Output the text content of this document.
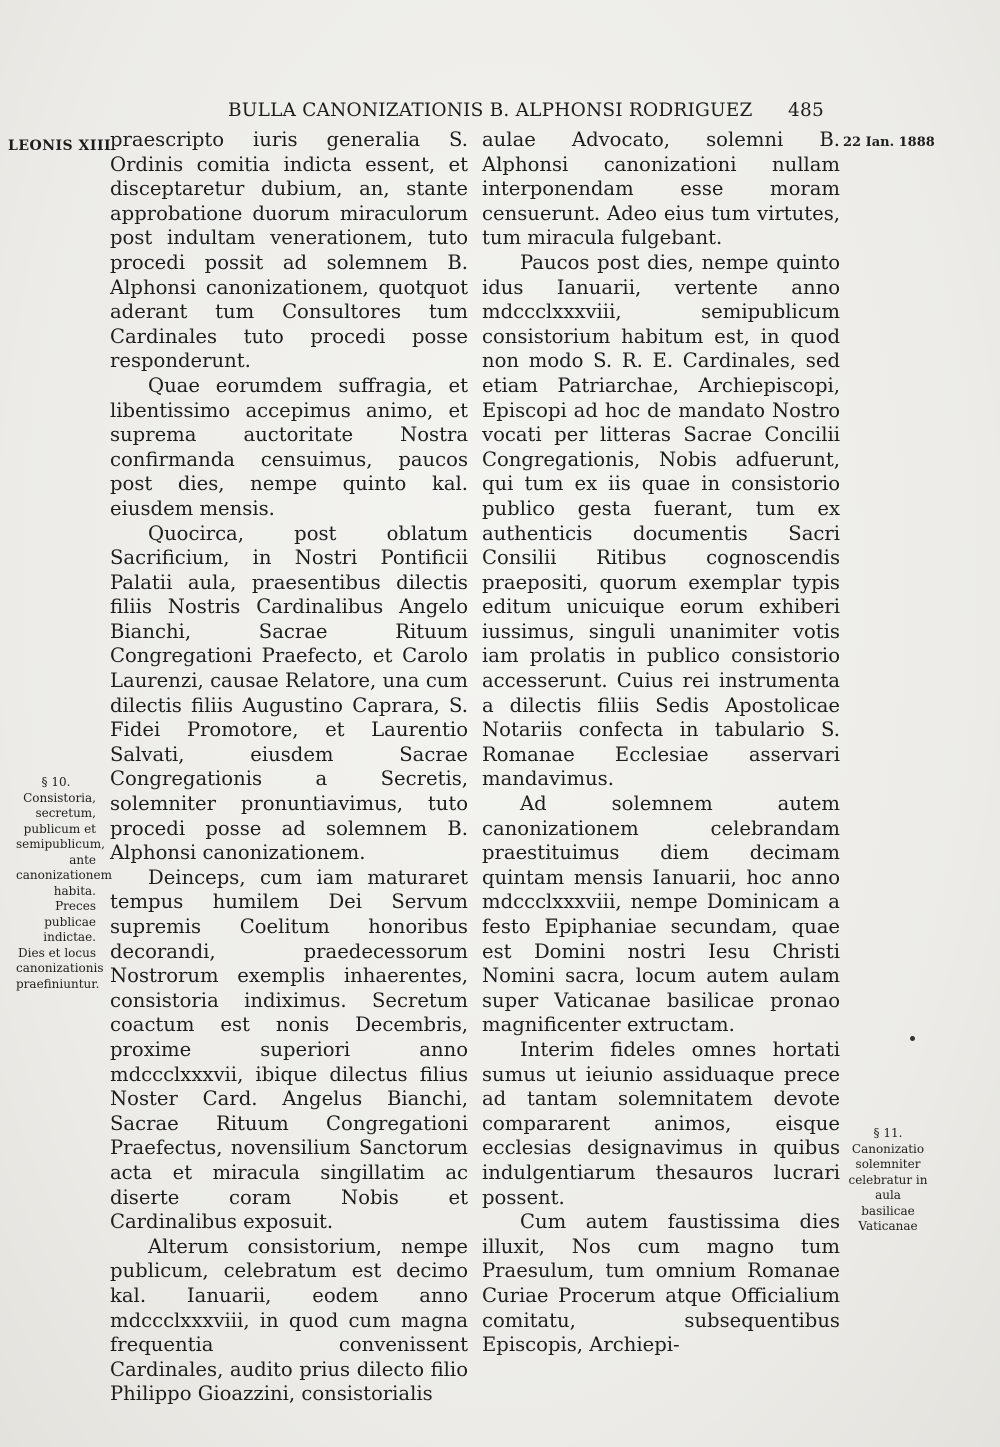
BULLA CANONIZATIONIS B. ALPHONSI RODRIGUEZ 485
LEONIS XIII	22 Ian. 1888

praescripto iuris generalia S. Ordinis comitia indicta essent, et disceptaretur dubium, an, stante approbatione duorum miraculorum post indultam venerationem, tuto procedi possit ad solemnem B. Alphonsi canonizationem, quotquot aderant tum Consultores tum Cardinales tuto procedi posse responderunt.

Quae eorumdem suffragia, et libentissimo accepimus animo, et suprema auctoritate Nostra confirmanda censuimus, paucos post dies, nempe quinto kal. eiusdem mensis.

Quocirca, post oblatum Sacrificium, in Nostri Pontificii Palatii aula, praesentibus dilectis filiis Nostris Cardinalibus Angelo Bianchi, Sacrae Rituum Congregationi Praefecto, et Carolo Laurenzi, causae Relatore, una cum dilectis filiis Augustino Caprara, S. Fidei Promotore, et Laurentio Salvati, eiusdem Sacrae Congregationis a Secretis, solemniter pronuntiavimus, tuto procedi posse ad solemnem B. Alphonsi canonizationem.

Deinceps, cum iam maturaret tempus humilem Dei Servum supremis Coelitum honoribus decorandi, praedecessorum Nostrorum exemplis inhaerentes, consistoria indiximus. Secretum coactum est nonis Decembris, proxime superiori anno mdccclxxxvii, ibique dilectus filius Noster Card. Angelus Bianchi, Sacrae Rituum Congregationi Praefectus, novensilium Sanctorum acta et miracula singillatim ac diserte coram Nobis et Cardinalibus exposuit.

Alterum consistorium, nempe publicum, celebratum est decimo kal. Ianuarii, eodem anno mdccclxxxviii, in quod cum magna frequentia convenissent Cardinales, audito prius dilecto filio Philippo Gioazzini, consistorialis

aulae Advocato, solemni B. Alphonsi canonizationi nullam interponendam esse moram censuerunt. Adeo eius tum virtutes, tum miracula fulgebant.

Paucos post dies, nempe quinto idus Ianuarii, vertente anno mdccclxxxviii, semipublicum consistorium habitum est, in quod non modo S. R. E. Cardinales, sed etiam Patriarchae, Archiepiscopi, Episcopi ad hoc de mandato Nostro vocati per litteras Sacrae Concilii Congregationis, Nobis adfuerunt, qui tum ex iis quae in consistorio publico gesta fuerant, tum ex authenticis documentis Sacri Consilii Ritibus cognoscendis praepositi, quorum exemplar typis editum unicuique eorum exhiberi iussimus, singuli unanimiter votis iam prolatis in publico consistorio accesserunt. Cuius rei instrumenta a dilectis filiis Sedis Apostolicae Notariis confecta in tabulario S. Romanae Ecclesiae asservari mandavimus.

Ad solemnem autem canonizationem celebrandam praestituimus diem decimam quintam mensis Ianuarii, hoc anno mdccclxxxviii, nempe Dominicam a festo Epiphaniae secundam, quae est Domini nostri Iesu Christi Nomini sacra, locum autem aulam super Vaticanae basilicae pronao magnificenter extructam.

Interim fideles omnes hortati sumus ut ieiunio assiduaque prece ad tantam solemnitatem devote compararent animos, eisque ecclesias designavimus in quibus indulgentiarum thesauros lucrari possent.

Cum autem faustissima dies illuxit, Nos cum magno tum Praesulum, tum omnium Romanae Curiae Procerum atque Officialium comitatu, subsequentibus Episcopis, Archiepi-

§ 10.
Consistoria, secretum, publicum et semipublicum, ante canonizationem habita. Preces publicae indictae. Dies et locus canonizationis praefiniuntur.
§ 11.
Canonizatio solemniter celebratur in aula basilicae Vaticanae
